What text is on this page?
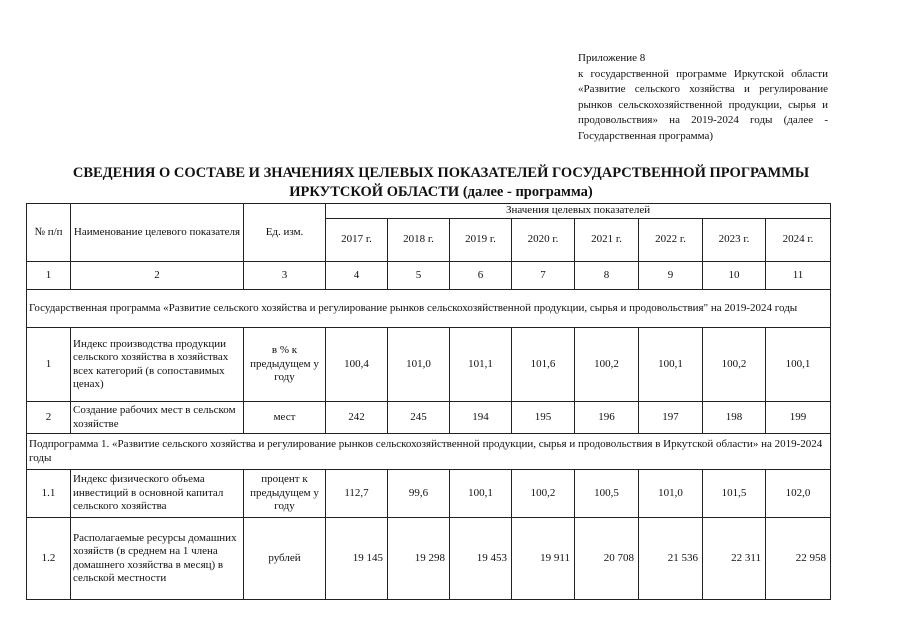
Приложение 8
к государственной программе Иркутской области «Развитие сельского хозяйства и регулирование рынков сельскохозяйственной продукции, сырья и продовольствия» на 2019-2024 годы (далее - Государственная программа)
СВЕДЕНИЯ О СОСТАВЕ И ЗНАЧЕНИЯХ ЦЕЛЕВЫХ ПОКАЗАТЕЛЕЙ ГОСУДАРСТВЕННОЙ ПРОГРАММЫ ИРКУТСКОЙ ОБЛАСТИ (далее - программа)
№ п/п	Наименование целевого показателя	Ед. изм.	Значения целевых показателей							
			2017 г.	2018 г.	2019 г.	2020 г.	2021 г.	2022 г.	2023 г.	2024 г.
1	2	3	4	5	6	7	8	9	10	11
Государственная программа «Развитие сельского хозяйства и регулирование рынков сельскохозяйственной продукции, сырья и продовольствия" на 2019-2024 годы										
1	Индекс производства продукции сельского хозяйства в хозяйствах всех категорий (в сопоставимых ценах)	в % к предыдущем у году	100,4	101,0	101,1	101,6	100,2	100,1	100,2	100,1
2	Создание рабочих мест в сельском хозяйстве	мест	242	245	194	195	196	197	198	199
Подпрограмма 1. «Развитие сельского хозяйства и регулирование рынков сельскохозяйственной продукции, сырья и продовольствия в Иркутской области» на 2019-2024 годы										
1.1	Индекс физического объема инвестиций в основной капитал сельского хозяйства	процент к предыдущем у году	112,7	99,6	100,1	100,2	100,5	101,0	101,5	102,0
1.2	Располагаемые ресурсы домашних хозяйств (в среднем на 1 члена домашнего хозяйства в месяц) в сельской местности	рублей	19 145	19 298	19 453	19 911	20 708	21 536	22 311	22 958
